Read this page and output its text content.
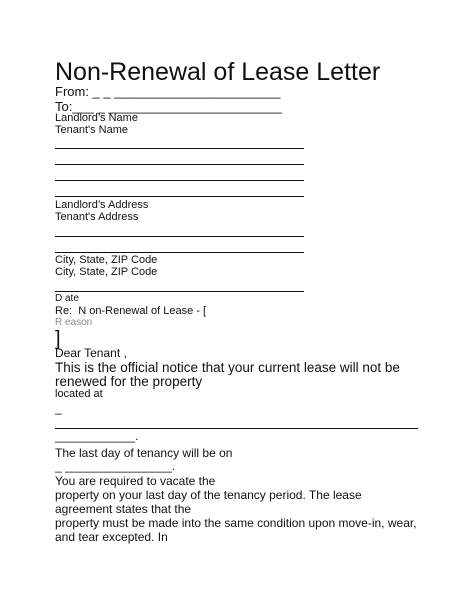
Non-Renewal of Lease Letter
From: _ _ _______________________
To:___ _ ________________________
Landlord’s Name
Tenant's Name
Landlord’s Address
Tenant's Address
City, State, ZIP Code
City, State, ZIP Code
D ate
Re:  N on-Renewal of Lease - [
R eason
]
Dear Tenant ,
This is the official notice that your current lease will not be
renewed for the property
located at
_
____________.
The last day of tenancy will be on
_ ________________.
You are required to vacate the
property on your last day of the tenancy period. The lease
agreement states that the
property must be made into the same condition upon move-in, wear,
and tear excepted. In
